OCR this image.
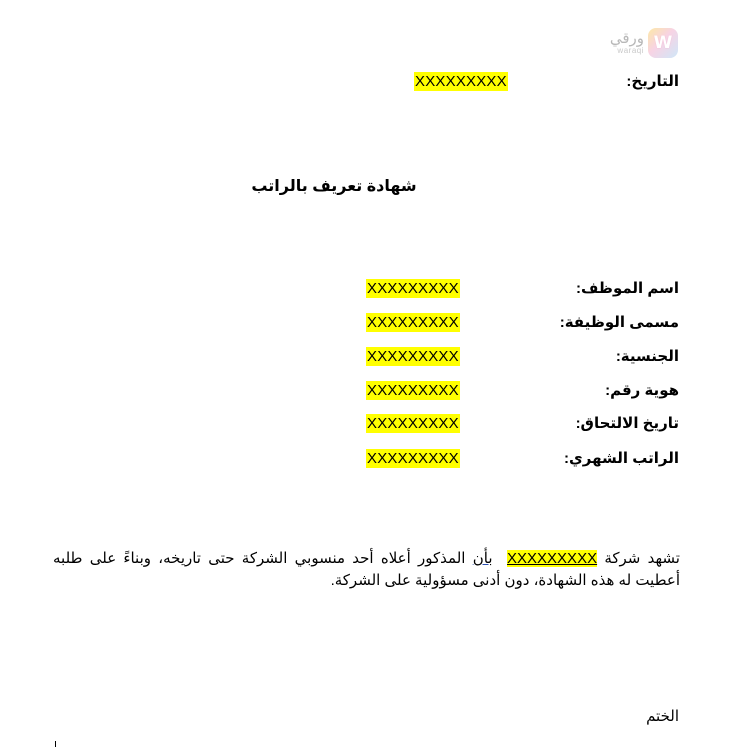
ورقي
waraqi W
التاريخ:
XXXXXXXXX
شهادة تعريف بالراتب
اسم الموظف:
XXXXXXXXX
مسمى الوظيفة:
XXXXXXXXX
الجنسية:
XXXXXXXXX
هوية رقم:
XXXXXXXXX
تاريخ الالتحاق:
XXXXXXXXX
الراتب الشهري:
XXXXXXXXX
تشهد شركة XXXXXXXXX  بأن المذكور أعلاه أحد منسوبي الشركة حتى تاريخه، وبناءً على طلبه أعطيت له هذه الشهادة، دون أدنى مسؤولية على الشركة.
الختم
